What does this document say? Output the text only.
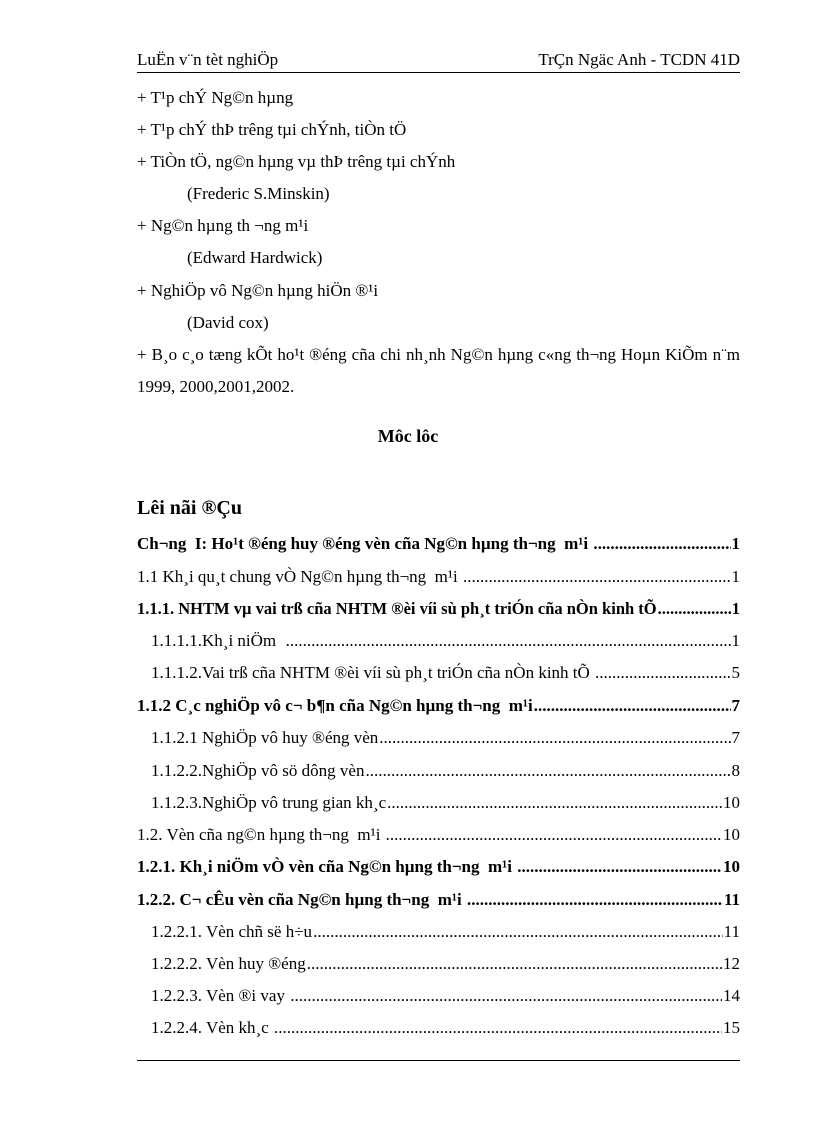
LuËn v¨n tèt nghiÖp	TrÇn Ngäc Anh - TCDN 41D
+ T¹p chÝ Ng©n hµng
+ T¹p chÝ thÞ trêng tµi chÝnh, tiÒn tÖ
+ TiÒn tÖ, ng©n hµng vµ thÞ trêng tµi chÝnh
(Frederic S.Minskin)
+ Ng©n hµng th ¬ng m¹i
(Edward Hardwick)
+ NghiÖp vô Ng©n hµng hiÖn ®¹i
(David cox)
+ B¸o c¸o tæng kÕt ho¹t ®éng cña chi nh¸nh Ng©n hµng c«ng th¬ng Hoµn KiÕm n¨m 1999, 2000,2001,2002.
Môc lôc
Lêi nãi ®Çu
Ch¬ng  I: Ho¹t ®éng huy ®éng vèn cña Ng©n hµng th¬ng  m¹i .....	1
1.1 Kh¸i qu¸t chung vÒ Ng©n hµng th¬ng  m¹i .....	1
1.1.1. NHTM vµ vai trß cña NHTM ®èi víi sù ph¸t triÓn cña nÒn kinh tÕ .....	1
1.1.1.1.Kh¸i niÖm .....	1
1.1.1.2.Vai trß cña NHTM ®èi víi sù ph¸t triÓn cña nÒn kinh tÕ .....	5
1.1.2 C¸c nghiÖp vô c¬ b¶n cña Ng©n hµng th¬ng  m¹i .....	7
1.1.2.1 NghiÖp vô huy ®éng vèn .....	7
1.1.2.2.NghiÖp vô sö dông vèn .....	8
1.1.2.3.NghiÖp vô trung gian kh¸c .....	10
1.2. Vèn cña ng©n hµng th¬ng  m¹i .....	10
1.2.1. Kh¸i niÖm vÒ vèn cña Ng©n hµng th¬ng  m¹i .....	10
1.2.2. C¬ cÊu vèn cña Ng©n hµng th¬ng  m¹i .....	11
1.2.2.1. Vèn chñ së h÷u .....	11
1.2.2.2. Vèn huy ®éng .....	12
1.2.2.3. Vèn ®i vay .....	14
1.2.2.4. Vèn kh¸c .....	15
